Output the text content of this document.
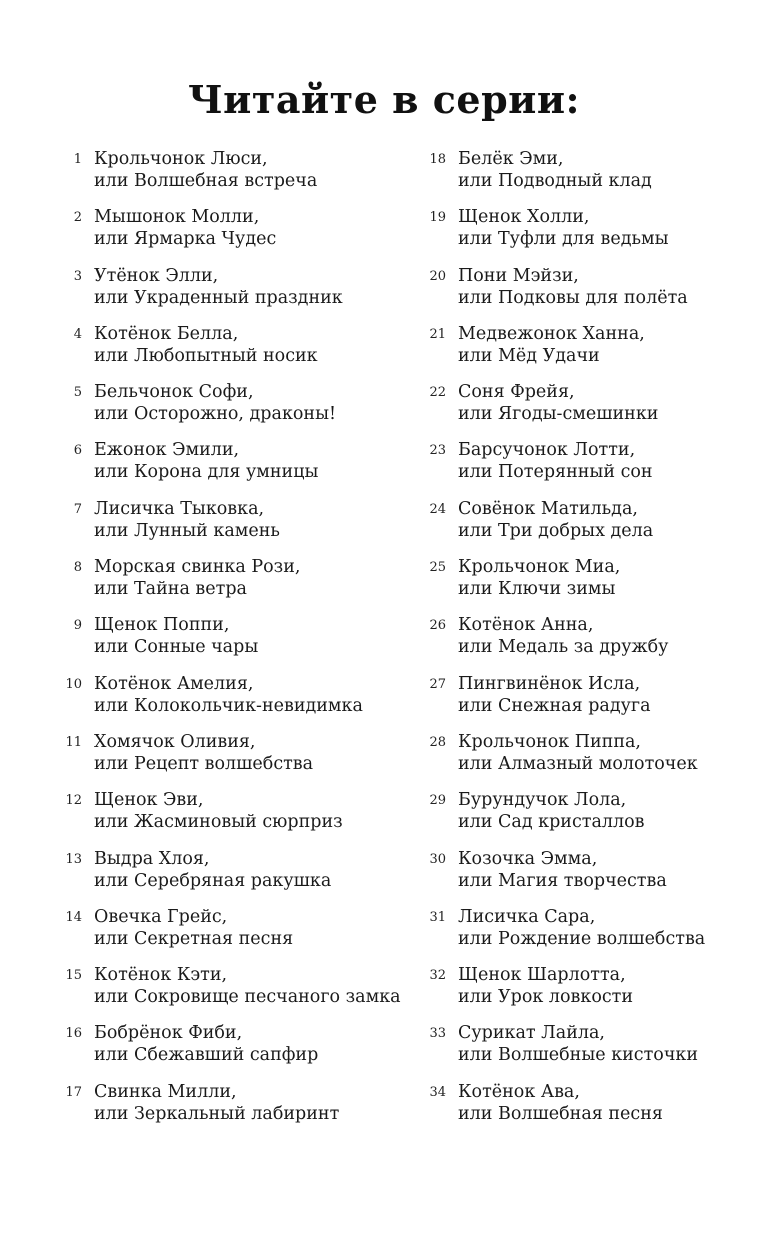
Читайте в серии:
1 Крольчонок Люси,
или Волшебная встреча
2 Мышонок Молли,
или Ярмарка Чудес
3 Утёнок Элли,
или Украденный праздник
4 Котёнок Белла,
или Любопытный носик
5 Бельчонок Софи,
или Осторожно, драконы!
6 Ежонок Эмили,
или Корона для умницы
7 Лисичка Тыковка,
или Лунный камень
8 Морская свинка Рози,
или Тайна ветра
9 Щенок Поппи,
или Сонные чары
10 Котёнок Амелия,
или Колокольчик-невидимка
11 Хомячок Оливия,
или Рецепт волшебства
12 Щенок Эви,
или Жасминовый сюрприз
13 Выдра Хлоя,
или Серебряная ракушка
14 Овечка Грейс,
или Секретная песня
15 Котёнок Кэти,
или Сокровище песчаного замка
16 Бобрёнок Фиби,
или Сбежавший сапфир
17 Свинка Милли,
или Зеркальный лабиринт
18 Белёк Эми,
или Подводный клад
19 Щенок Холли,
или Туфли для ведьмы
20 Пони Мэйзи,
или Подковы для полёта
21 Медвежонок Ханна,
или Мёд Удачи
22 Соня Фрейя,
или Ягоды-смешинки
23 Барсучонок Лотти,
или Потерянный сон
24 Совёнок Матильда,
или Три добрых дела
25 Крольчонок Миа,
или Ключи зимы
26 Котёнок Анна,
или Медаль за дружбу
27 Пингвинёнок Исла,
или Снежная радуга
28 Крольчонок Пиппа,
или Алмазный молоточек
29 Бурундучок Лола,
или Сад кристаллов
30 Козочка Эмма,
или Магия творчества
31 Лисичка Сара,
или Рождение волшебства
32 Щенок Шарлотта,
или Урок ловкости
33 Сурикат Лайла,
или Волшебные кисточки
34 Котёнок Ава,
или Волшебная песня
